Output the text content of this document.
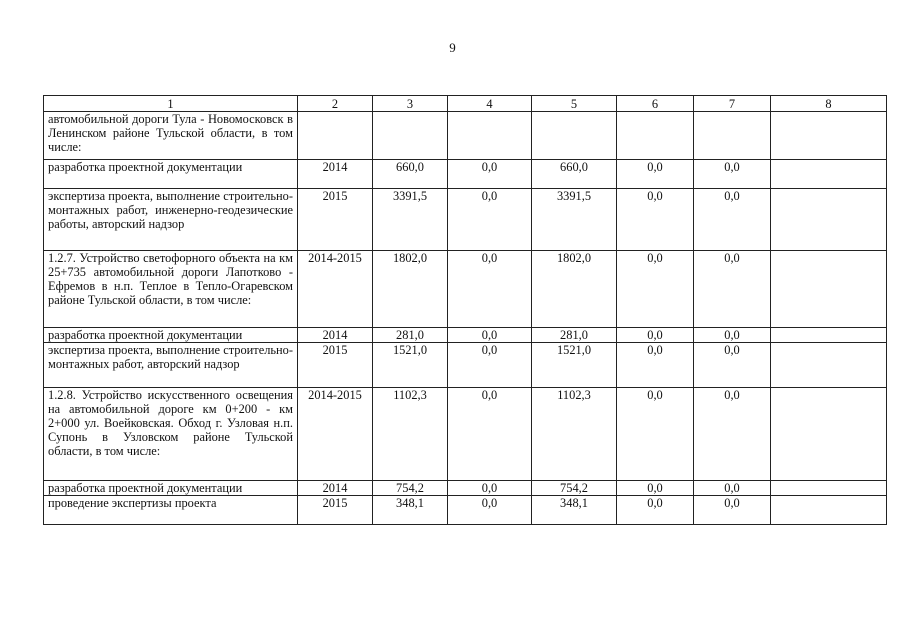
9
1	2	3	4	5	6	7	8
автомобильной дороги Тула - Новомосковск в Ленинском районе Тульской области, в том числе:							
разработка проектной документации	2014	660,0	0,0	660,0	0,0	0,0	
экспертиза проекта, выполнение строительно-монтажных работ, инженерно-геодезические работы, авторский надзор	2015	3391,5	0,0	3391,5	0,0	0,0	
1.2.7. Устройство светофорного объекта на км 25+735 автомобильной дороги Лапотково - Ефремов в н.п. Теплое в Тепло-Огаревском районе Тульской области, в том числе:	2014-2015	1802,0	0,0	1802,0	0,0	0,0	
разработка проектной документации	2014	281,0	0,0	281,0	0,0	0,0	
экспертиза проекта, выполнение строительно-монтажных работ, авторский надзор	2015	1521,0	0,0	1521,0	0,0	0,0	
1.2.8. Устройство искусственного освещения на автомобильной дороге км 0+200 - км 2+000 ул. Воейковская. Обход г. Узловая н.п. Супонь в Узловском районе Тульской области, в том числе:	2014-2015	1102,3	0,0	1102,3	0,0	0,0	
разработка проектной документации	2014	754,2	0,0	754,2	0,0	0,0	
проведение экспертизы проекта	2015	348,1	0,0	348,1	0,0	0,0	
